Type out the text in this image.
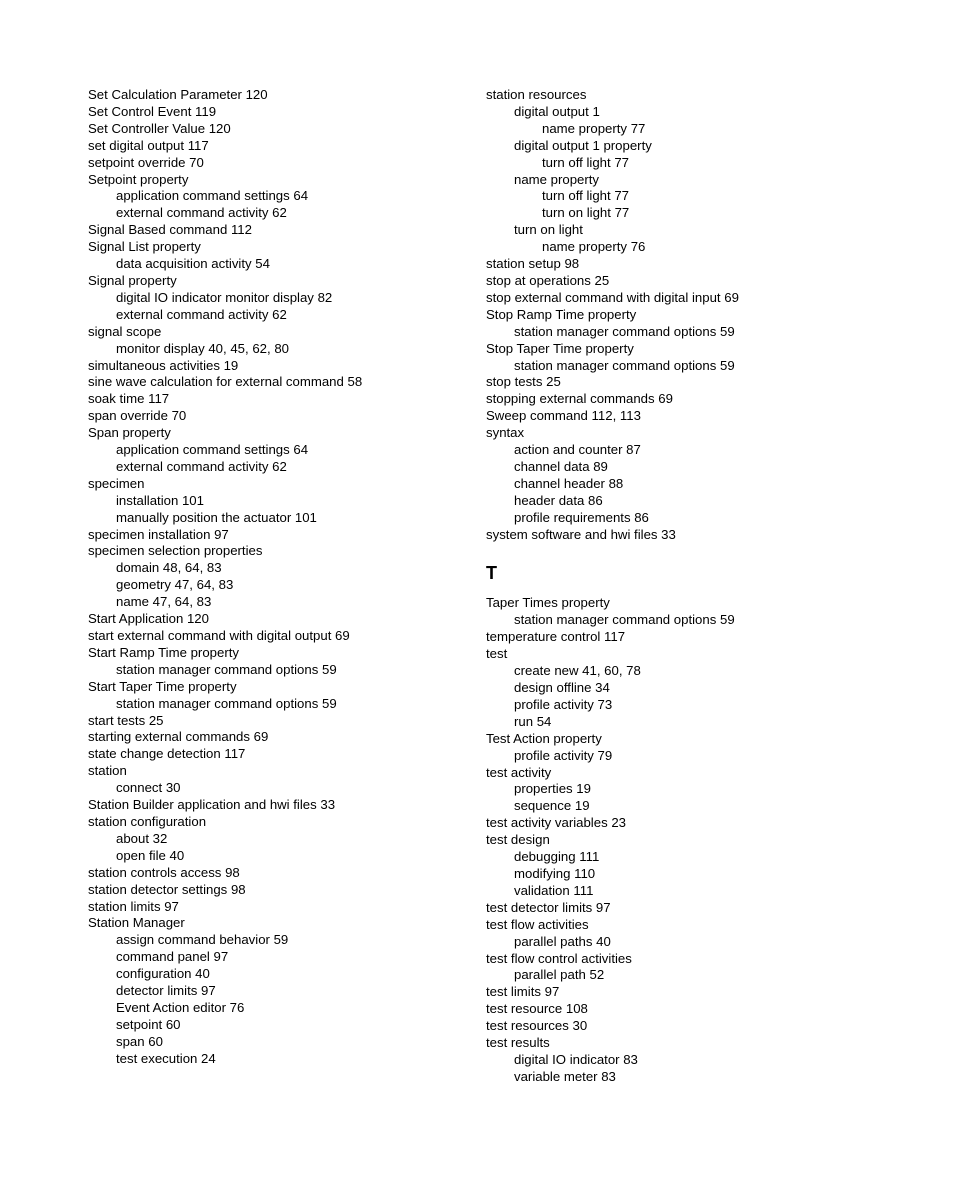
Set Calculation Parameter 120
Set Control Event 119
Set Controller Value 120
set digital output 117
setpoint override 70
Setpoint property
application command settings 64
external command activity 62
Signal Based command 112
Signal List property
data acquisition activity 54
Signal property
digital IO indicator monitor display 82
external command activity 62
signal scope
monitor display 40, 45, 62, 80
simultaneous activities 19
sine wave calculation for external command 58
soak time 117
span override 70
Span property
application command settings 64
external command activity 62
specimen
installation 101
manually position the actuator 101
specimen installation 97
specimen selection properties
domain 48, 64, 83
geometry 47, 64, 83
name 47, 64, 83
Start Application 120
start external command with digital output 69
Start Ramp Time property
station manager command options 59
Start Taper Time property
station manager command options 59
start tests 25
starting external commands 69
state change detection 117
station
connect 30
Station Builder application and hwi files 33
station configuration
about 32
open file 40
station controls access 98
station detector settings 98
station limits 97
Station Manager
assign command behavior 59
command panel 97
configuration 40
detector limits 97
Event Action editor 76
setpoint 60
span 60
test execution 24
station resources
digital output 1
name property 77
digital output 1 property
turn off light 77
name property
turn off light 77
turn on light 77
turn on light
name property 76
station setup 98
stop at operations 25
stop external command with digital input 69
Stop Ramp Time property
station manager command options 59
Stop Taper Time property
station manager command options 59
stop tests 25
stopping external commands 69
Sweep command 112, 113
syntax
action and counter 87
channel data 89
channel header 88
header data 86
profile requirements 86
system software and hwi files 33
T
Taper Times property
station manager command options 59
temperature control 117
test
create new 41, 60, 78
design offline 34
profile activity 73
run 54
Test Action property
profile activity 79
test activity
properties 19
sequence 19
test activity variables 23
test design
debugging 111
modifying 110
validation 111
test detector limits 97
test flow activities
parallel paths 40
test flow control activities
parallel path 52
test limits 97
test resource 108
test resources 30
test results
digital IO indicator 83
variable meter 83
